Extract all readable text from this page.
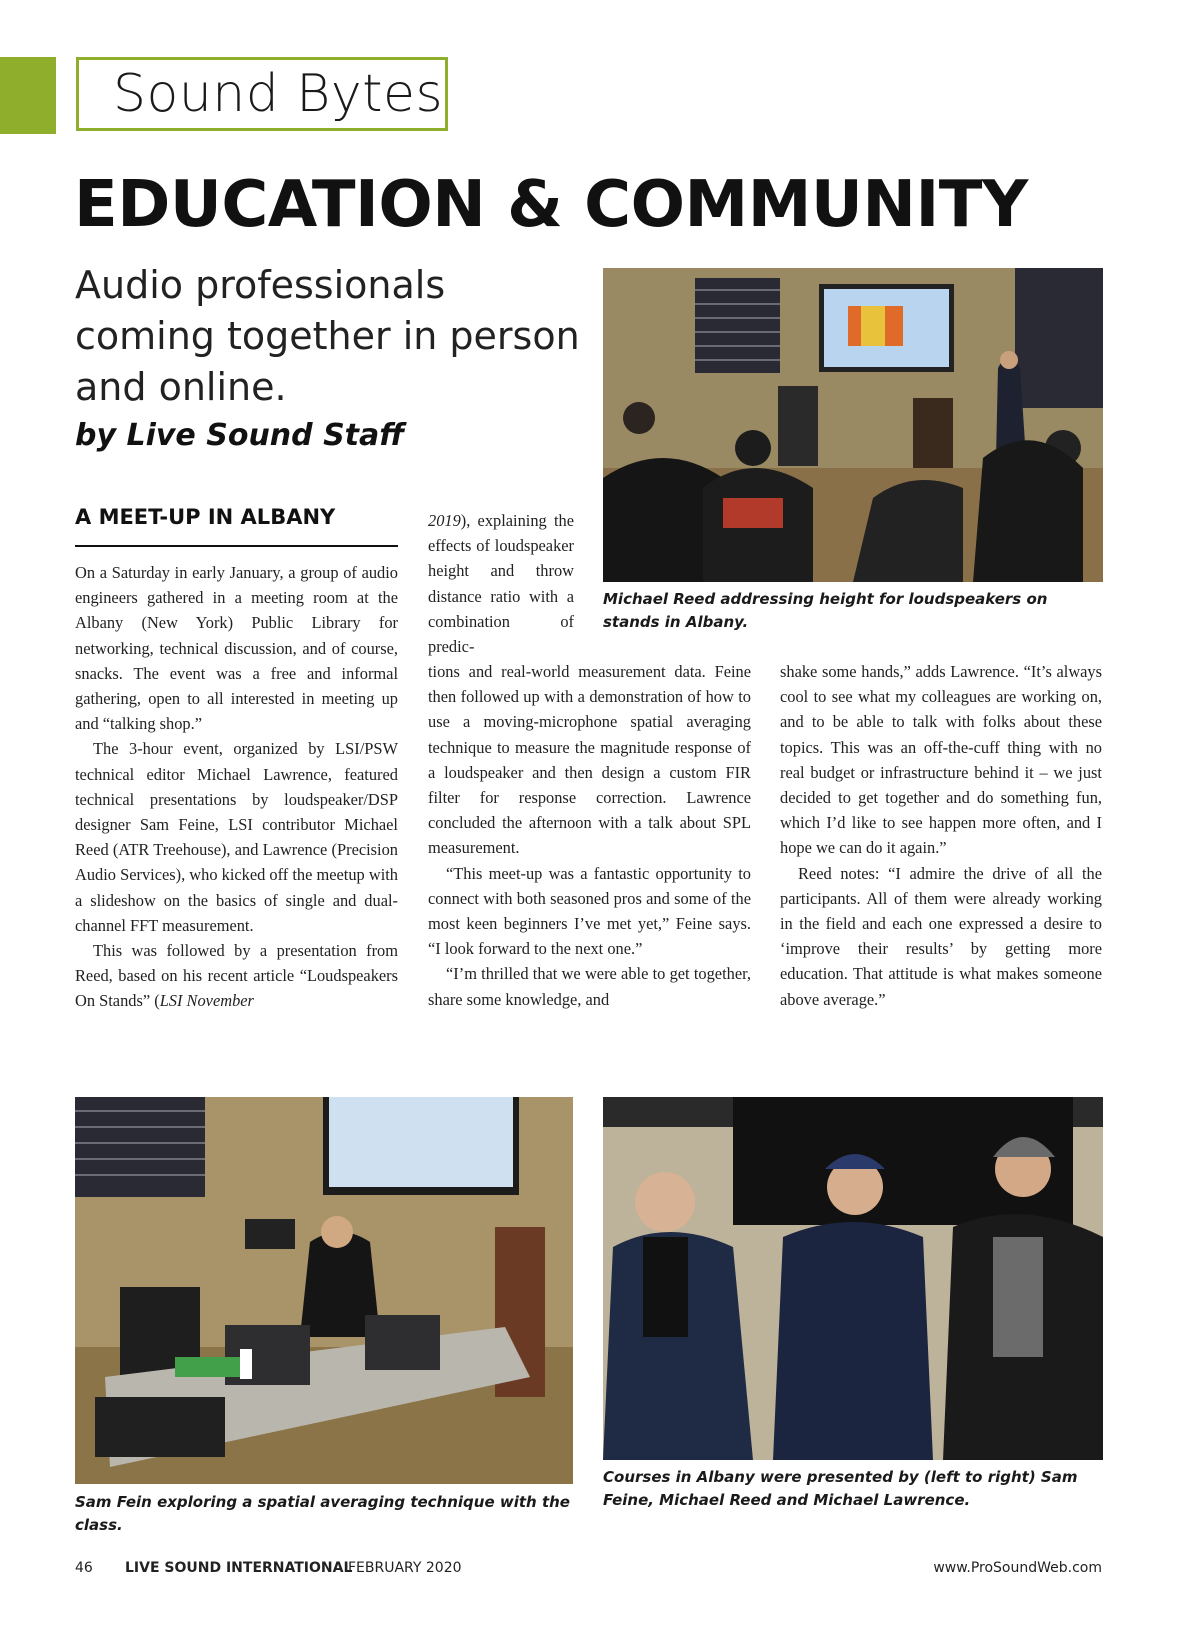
Sound Bytes
EDUCATION & COMMUNITY

Audio professionals coming together in person and online.

by Live Sound Staff
A MEET-UP IN ALBANY

On a Saturday in early January, a group of audio engineers gathered in a meeting room at the Albany (New York) Public Library for networking, technical discussion, and of course, snacks. The event was a free and informal gathering, open to all interested in meeting up and “talking shop.”

The 3-hour event, organized by LSI/PSW technical editor Michael Lawrence, featured technical presentations by loudspeaker/DSP designer Sam Feine, LSI contributor Michael Reed (ATR Treehouse), and Lawrence (Precision Audio Services), who kicked off the meetup with a slideshow on the basics of single and dual-channel FFT measurement.

This was followed by a presentation from Reed, based on his recent article “Loudspeakers On Stands” (LSI November

2019), explaining the effects of loudspeaker height and throw distance ratio with a combination of predic-

tions and real-world measurement data. Feine then followed up with a demonstration of how to use a moving-microphone spatial averaging technique to measure the magnitude response of a loudspeaker and then design a custom FIR filter for response correction. Lawrence concluded the afternoon with a talk about SPL measurement.

“This meet-up was a fantastic opportunity to connect with both seasoned pros and some of the most keen beginners I’ve met yet,” Feine says. “I look forward to the next one.”

“I’m thrilled that we were able to get together, share some knowledge, and

shake some hands,” adds Lawrence. “It’s always cool to see what my colleagues are working on, and to be able to talk with folks about these topics. This was an off-the-cuff thing with no real budget or infrastructure behind it – we just decided to get together and do something fun, which I’d like to see happen more often, and I hope we can do it again.”

Reed notes: “I admire the drive of all the participants. All of them were already working in the field and each one expressed a desire to ‘improve their results’ by getting more education. That attitude is what makes someone above average.”

Michael Reed addressing height for loudspeakers on stands in Albany.

Sam Fein exploring a spatial averaging technique with the class.

Courses in Albany were presented by (left to right) Sam Feine, Michael Reed and Michael Lawrence.

46 LIVE SOUND INTERNATIONAL
FEBRUARY 2020	www.ProSoundWeb.com
